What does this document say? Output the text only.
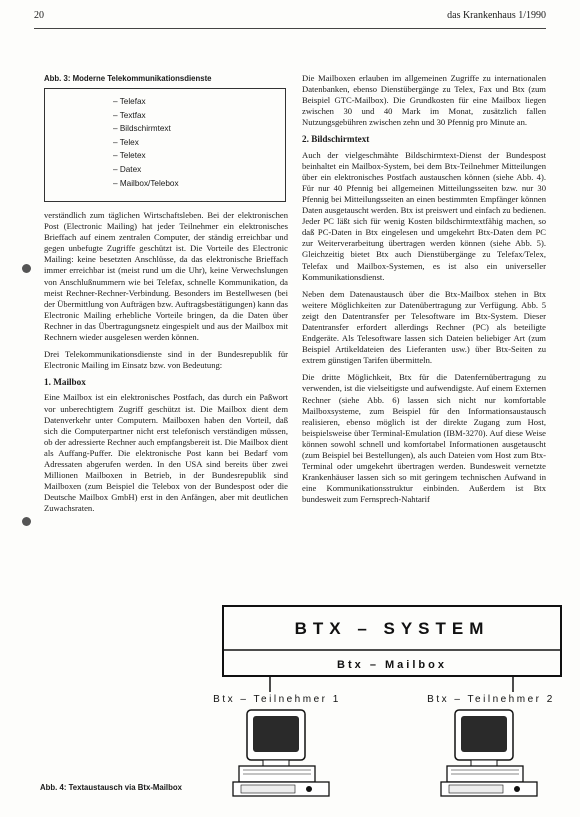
20	das Krankenhaus 1/1990
Abb. 3: Moderne Telekommunikationsdienste
– Telefax
– Textfax
– Bildschirmtext
– Telex
– Teletex
– Datex
– Mailbox/Telebox

verständlich zum täglichen Wirtschaftsleben. Bei der elektronischen Post (Electronic Mailing) hat jeder Teilnehmer ein elektronisches Brieffach auf einem zentralen Computer, der ständig erreichbar und gegen unbefugte Zugriffe geschützt ist. Die Vorteile des Electronic Mailing: keine besetzten Anschlüsse, da das elektronische Brieffach immer erreichbar ist (meist rund um die Uhr), keine Verwechslungen von Anschlußnummern wie bei Telefax, schnelle Kommunikation, da meist Rechner-Rechner-Verbindung. Besonders im Bestellwesen (bei der Übermittlung von Aufträgen bzw. Auftragsbestätigungen) kann das Electronic Mailing erhebliche Vorteile bringen, da die Daten über Rechner in das Übertragungsnetz eingespielt und aus der Mailbox mit Rechnern wieder ausgelesen werden können.

Drei Telekommunikationsdienste sind in der Bundesrepublik für Electronic Mailing im Einsatz bzw. von Bedeutung:

1. Mailbox

Eine Mailbox ist ein elektronisches Postfach, das durch ein Paßwort vor unberechtigtem Zugriff geschützt ist. Die Mailbox dient dem Datenverkehr unter Computern. Mailboxen haben den Vorteil, daß sich die Computerpartner nicht erst telefonisch verständigen müssen, ob der adressierte Rechner auch empfangsbereit ist. Die Mailbox dient als Auffang-Puffer. Die elektronische Post kann bei Bedarf vom Adressaten abgerufen werden. In den USA sind bereits über zwei Millionen Mailboxen in Betrieb, in der Bundesrepublik sind Mailboxen (zum Beispiel die Telebox von der Bundespost oder die Deutsche Mailbox GmbH) erst in den Anfängen, aber mit deutlichen Zuwachsraten.

Die Mailboxen erlauben im allgemeinen Zugriffe zu internationalen Datenbanken, ebenso Dienstübergänge zu Telex, Fax und Btx (zum Beispiel GTC-Mailbox). Die Grundkosten für eine Mailbox liegen zwischen 30 und 40 Mark im Monat, zusätzlich fallen Nutzungsgebühren zwischen zehn und 30 Pfennig pro Minute an.

2. Bildschirmtext

Auch der vielgeschmähte Bildschirmtext-Dienst der Bundespost beinhaltet ein Mailbox-System, bei dem Btx-Teilnehmer Mitteilungen über ein elektronisches Postfach austauschen können (siehe Abb. 4). Für nur 40 Pfennig bei allgemeinen Mitteilungsseiten bzw. nur 30 Pfennig bei Mitteilungsseiten an einen bestimmten Empfänger können Daten ausgetauscht werden. Btx ist preiswert und einfach zu bedienen. Jeder PC läßt sich für wenig Kosten bildschirmtextfähig machen, so daß PC-Daten in Btx eingelesen und umgekehrt Btx-Daten dem PC zur Weiterverarbeitung übertragen werden können (siehe Abb. 5). Gleichzeitig bietet Btx auch Dienstübergänge zu Telefax/Telex, Telefax und Mailbox-Systemen, es ist also ein universeller Kommunikationsdienst.

Neben dem Datenaustausch über die Btx-Mailbox stehen in Btx weitere Möglichkeiten zur Datenübertragung zur Verfügung. Abb. 5 zeigt den Datentransfer per Telesoftware im Btx-System. Dieser Datentransfer erfordert allerdings Rechner (PC) als beteiligte Endgeräte. Als Telesoftware lassen sich Dateien beliebiger Art (zum Beispiel Artikeldateien des Lieferanten usw.) über Btx-Seiten zu extrem günstigen Tarifen übermitteln.

Die dritte Möglichkeit, Btx für die Datenfernübertragung zu verwenden, ist die vielseitigste und aufwendigste. Auf einem Externen Rechner (siehe Abb. 6) lassen sich nicht nur komfortable Mailboxsysteme, zum Beispiel für den Informationsaustausch realisieren, ebenso möglich ist der direkte Zugang zum Host, beispielsweise über Terminal-Emulation (IBM-3270). Auf diese Weise können sowohl schnell und komfortabel Informationen ausgetauscht (zum Beispiel bei Bestellungen), als auch Dateien vom Host zum Btx-Terminal oder umgekehrt übertragen werden. Bundesweit vernetzte Krankenhäuser lassen sich so mit geringem technischen Aufwand in eine Kommunikationsstruktur einbinden. Außerdem ist Btx bundesweit zum Fernsprech-Nahtarif

BTX – SYSTEM
Btx – Mailbox
Btx – Teilnehmer 1	Btx – Teilnehmer 2
Abb. 4: Textaustausch via Btx-Mailbox
